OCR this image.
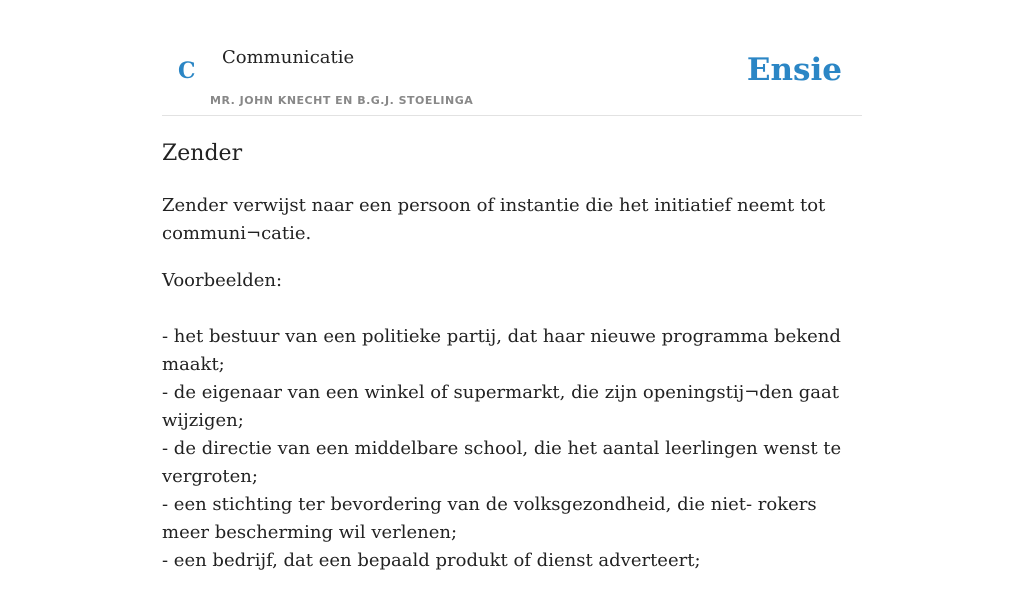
C
Communicatie
MR. JOHN KNECHT EN B.G.J. STOELINGA
Ensie
Zender

Zender verwijst naar een persoon of instantie die het initiatief neemt tot communi¬catie.

Voorbeelden:

- het bestuur van een politieke partij, dat haar nieuwe programma bekend maakt;
- de eigenaar van een winkel of supermarkt, die zijn openingstij¬den gaat wijzigen;
- de directie van een middelbare school, die het aantal leerlingen wenst te vergroten;
- een stichting ter bevordering van de volksgezondheid, die niet- rokers meer bescherming wil verlenen;
- een bedrijf, dat een bepaald produkt of dienst adverteert;
